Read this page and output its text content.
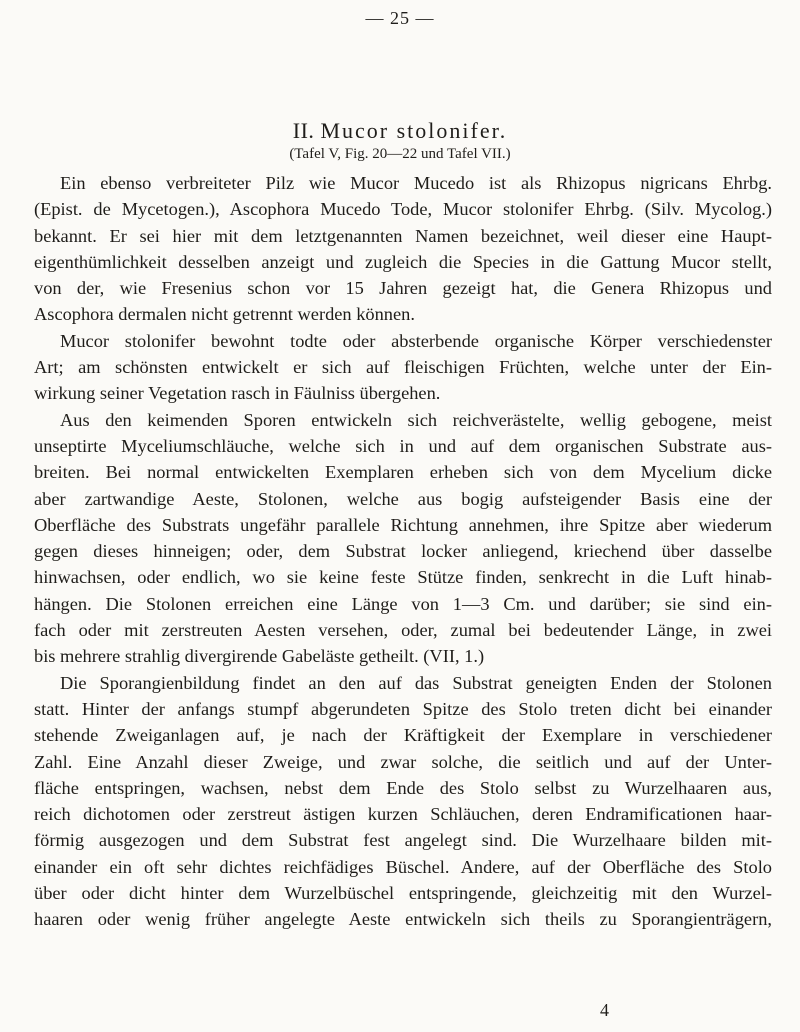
— 25 —
II. Mucor stolonifer.
(Tafel V, Fig. 20—22 und Tafel VII.)
Ein ebenso verbreiteter Pilz wie Mucor Mucedo ist als Rhizopus nigricans Ehrbg.
(Epist. de Mycetogen.), Ascophora Mucedo Tode, Mucor stolonifer Ehrbg. (Silv. Mycolog.)
bekannt. Er sei hier mit dem letztgenannten Namen bezeichnet, weil dieser eine Haupt-
eigenthümlichkeit desselben anzeigt und zugleich die Species in die Gattung Mucor stellt,
von der, wie Fresenius schon vor 15 Jahren gezeigt hat, die Genera Rhizopus und
Ascophora dermalen nicht getrennt werden können.
Mucor stolonifer bewohnt todte oder absterbende organische Körper verschiedenster
Art; am schönsten entwickelt er sich auf fleischigen Früchten, welche unter der Ein-
wirkung seiner Vegetation rasch in Fäulniss übergehen.
Aus den keimenden Sporen entwickeln sich reichverästelte, wellig gebogene, meist
unseptirte Myceliumschläuche, welche sich in und auf dem organischen Substrate aus-
breiten. Bei normal entwickelten Exemplaren erheben sich von dem Mycelium dicke
aber zartwandige Aeste, Stolonen, welche aus bogig aufsteigender Basis eine der
Oberfläche des Substrats ungefähr parallele Richtung annehmen, ihre Spitze aber wiederum
gegen dieses hinneigen; oder, dem Substrat locker anliegend, kriechend über dasselbe
hinwachsen, oder endlich, wo sie keine feste Stütze finden, senkrecht in die Luft hinab-
hängen. Die Stolonen erreichen eine Länge von 1—3 Cm. und darüber; sie sind ein-
fach oder mit zerstreuten Aesten versehen, oder, zumal bei bedeutender Länge, in zwei
bis mehrere strahlig divergirende Gabeläste getheilt. (VII, 1.)
Die Sporangienbildung findet an den auf das Substrat geneigten Enden der Stolonen
statt. Hinter der anfangs stumpf abgerundeten Spitze des Stolo treten dicht bei einander
stehende Zweiganlagen auf, je nach der Kräftigkeit der Exemplare in verschiedener
Zahl. Eine Anzahl dieser Zweige, und zwar solche, die seitlich und auf der Unter-
fläche entspringen, wachsen, nebst dem Ende des Stolo selbst zu Wurzelhaaren aus,
reich dichotomen oder zerstreut ästigen kurzen Schläuchen, deren Endramificationen haar-
förmig ausgezogen und dem Substrat fest angelegt sind. Die Wurzelhaare bilden mit-
einander ein oft sehr dichtes reichfädiges Büschel. Andere, auf der Oberfläche des Stolo
über oder dicht hinter dem Wurzelbüschel entspringende, gleichzeitig mit den Wurzel-
haaren oder wenig früher angelegte Aeste entwickeln sich theils zu Sporangienträgern,
4
